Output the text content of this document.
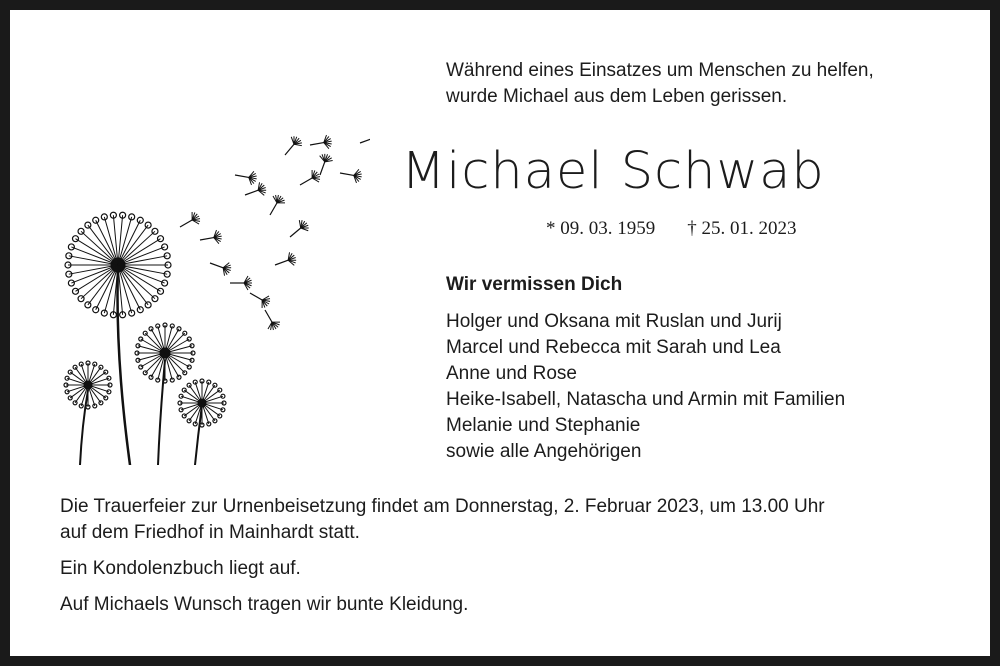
Während eines Einsatzes um Menschen zu helfen,
wurde Michael aus dem Leben gerissen.
Michael Schwab
* 09. 03. 1959 † 25. 01. 2023
Wir vermissen Dich
Holger und Oksana mit Ruslan und Jurij
Marcel und Rebecca mit Sarah und Lea
Anne und Rose
Heike-Isabell, Natascha und Armin mit Familien
Melanie und Stephanie
sowie alle Angehörigen

Die Trauerfeier zur Urnenbeisetzung findet am Donnerstag, 2. Februar 2023, um 13.00 Uhr

auf dem Friedhof in Mainhardt statt.

Ein Kondolenzbuch liegt auf.

Auf Michaels Wunsch tragen wir bunte Kleidung.
